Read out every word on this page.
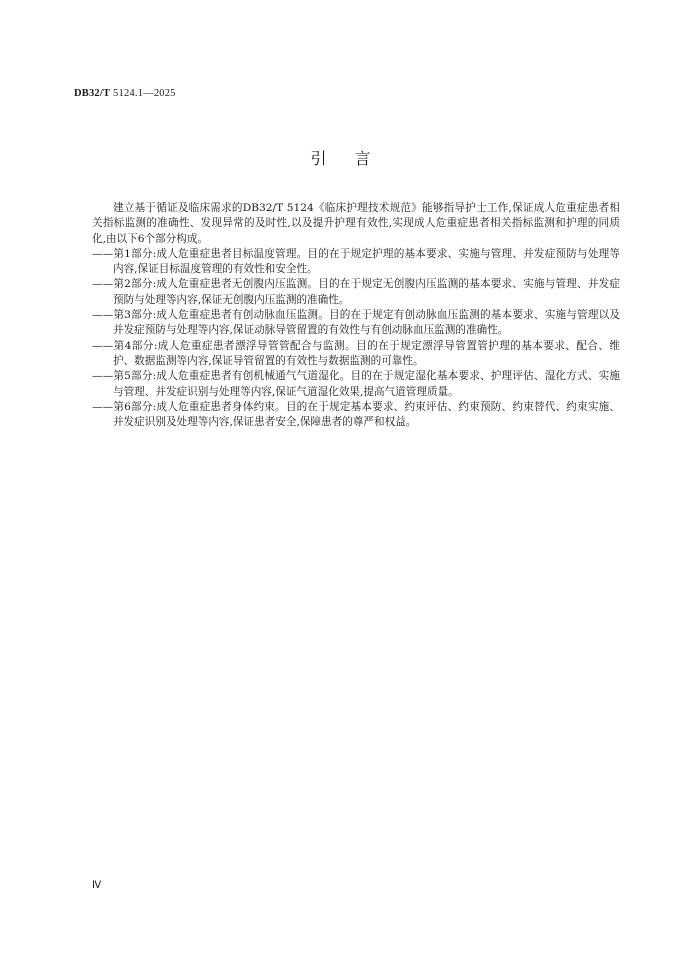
DB32/T 5124.1—2025
引言

建立基于循证及临床需求的DB32/T 5124《临床护理技术规范》能够指导护士工作,保证成人危重症患者相关指标监测的准确性、发现异常的及时性,以及提升护理有效性,实现成人危重症患者相关指标监测和护理的同质化,由以下6个部分构成。

——第1部分:成人危重症患者目标温度管理。目的在于规定护理的基本要求、实施与管理、并发症预防与处理等内容,保证目标温度管理的有效性和安全性。
——第2部分:成人危重症患者无创腹内压监测。目的在于规定无创腹内压监测的基本要求、实施与管理、并发症预防与处理等内容,保证无创腹内压监测的准确性。
——第3部分:成人危重症患者有创动脉血压监测。目的在于规定有创动脉血压监测的基本要求、实施与管理以及并发症预防与处理等内容,保证动脉导管留置的有效性与有创动脉血压监测的准确性。
——第4部分:成人危重症患者漂浮导管管配合与监测。目的在于规定漂浮导管置管护理的基本要求、配合、维护、数据监测等内容,保证导管留置的有效性与数据监测的可靠性。
——第5部分:成人危重症患者有创机械通气气道湿化。目的在于规定湿化基本要求、护理评估、湿化方式、实施与管理、并发症识别与处理等内容,保证气道湿化效果,提高气道管理质量。
——第6部分:成人危重症患者身体约束。目的在于规定基本要求、约束评估、约束预防、约束替代、约束实施、并发症识别及处理等内容,保证患者安全,保障患者的尊严和权益。
Ⅳ
